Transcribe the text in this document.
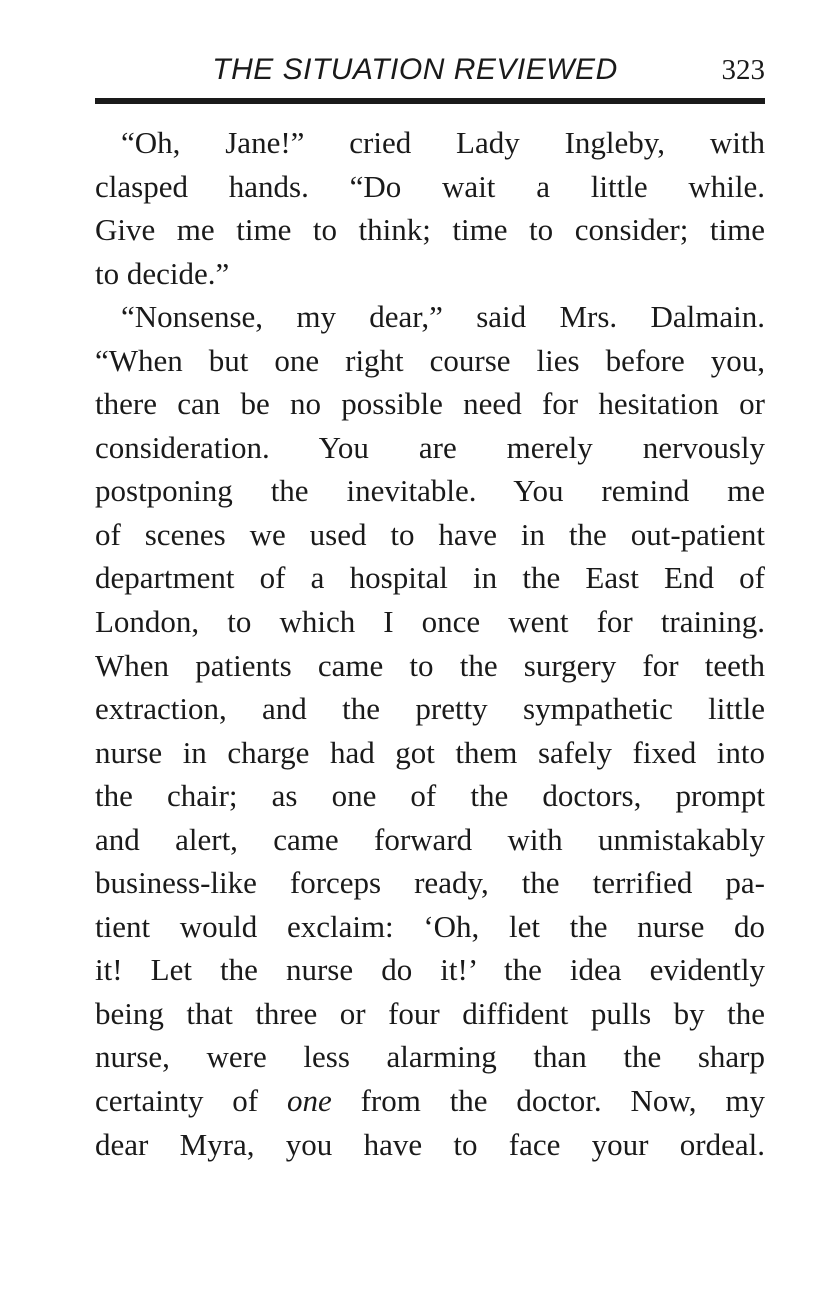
THE SITUATION REVIEWED	323
“Oh, Jane!” cried Lady Ingleby, with
clasped hands. “Do wait a little while.
Give me time to think; time to consider; time
to decide.”
“Nonsense, my dear,” said Mrs. Dalmain.
“When but one right course lies before you,
there can be no possible need for hesitation or
consideration. You are merely nervously
postponing the inevitable. You remind me
of scenes we used to have in the out-patient
department of a hospital in the East End of
London, to which I once went for training.
When patients came to the surgery for teeth
extraction, and the pretty sympathetic little
nurse in charge had got them safely fixed into
the chair; as one of the doctors, prompt
and alert, came forward with unmistakably
business-like forceps ready, the terrified pa-
tient would exclaim: ‘Oh, let the nurse do
it! Let the nurse do it!’ the idea evidently
being that three or four diffident pulls by the
nurse, were less alarming than the sharp
certainty of one from the doctor. Now, my
dear Myra, you have to face your ordeal.
